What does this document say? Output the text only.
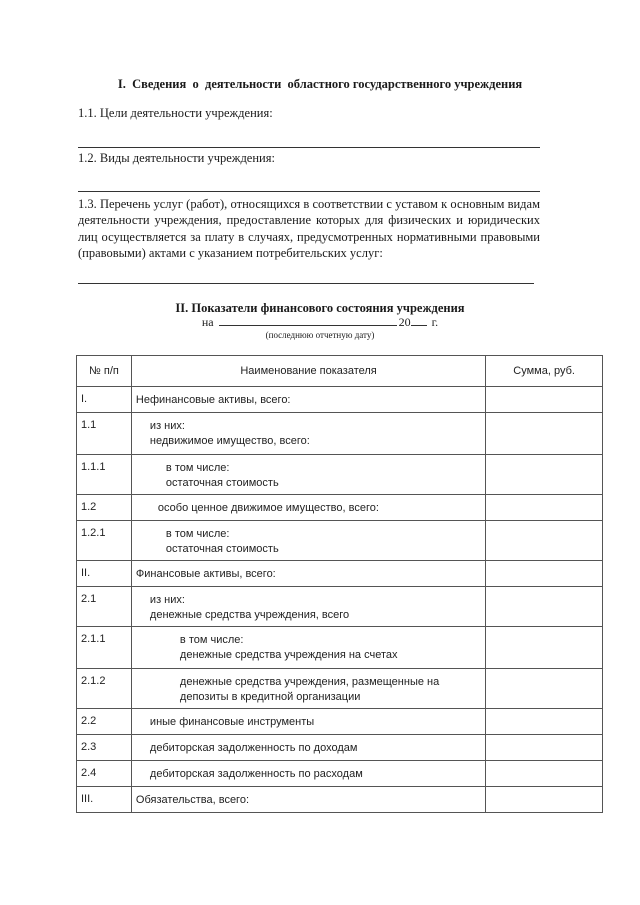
I.  Сведения  о  деятельности  областного государственного учреждения
1.1. Цели деятельности учреждения:
1.2. Виды деятельности учреждения:
1.3. Перечень услуг (работ), относящихся в соответствии с уставом к основным видам деятельности учреждения, предоставление которых для физических и юридических лиц осуществляется за плату в случаях, предусмотренных нормативными правовыми (правовыми) актами с указанием потребительских услуг:
II. Показатели финансового состояния учреждения
на	20 г.
(последнюю отчетную дату)
№ п/п	Наименование показателя	Сумма, руб.
I.	Нефинансовые активы, всего:	

1.1	из них:
недвижимое имущество, всего:	

1.1.1	в том числе:
остаточная стоимость	

1.2	особо ценное движимое имущество, всего:	

1.2.1	в том числе:
остаточная стоимость	

II.	Финансовые активы, всего:	

2.1	из них:
денежные средства учреждения, всего	

2.1.1	в том числе:
денежные средства учреждения на счетах	

2.1.2	денежные средства учреждения, размещенные на
депозиты в кредитной организации	

2.2	иные финансовые инструменты	

2.3	дебиторская задолженность по доходам	

2.4	дебиторская задолженность по расходам	

III.	Обязательства, всего:	
